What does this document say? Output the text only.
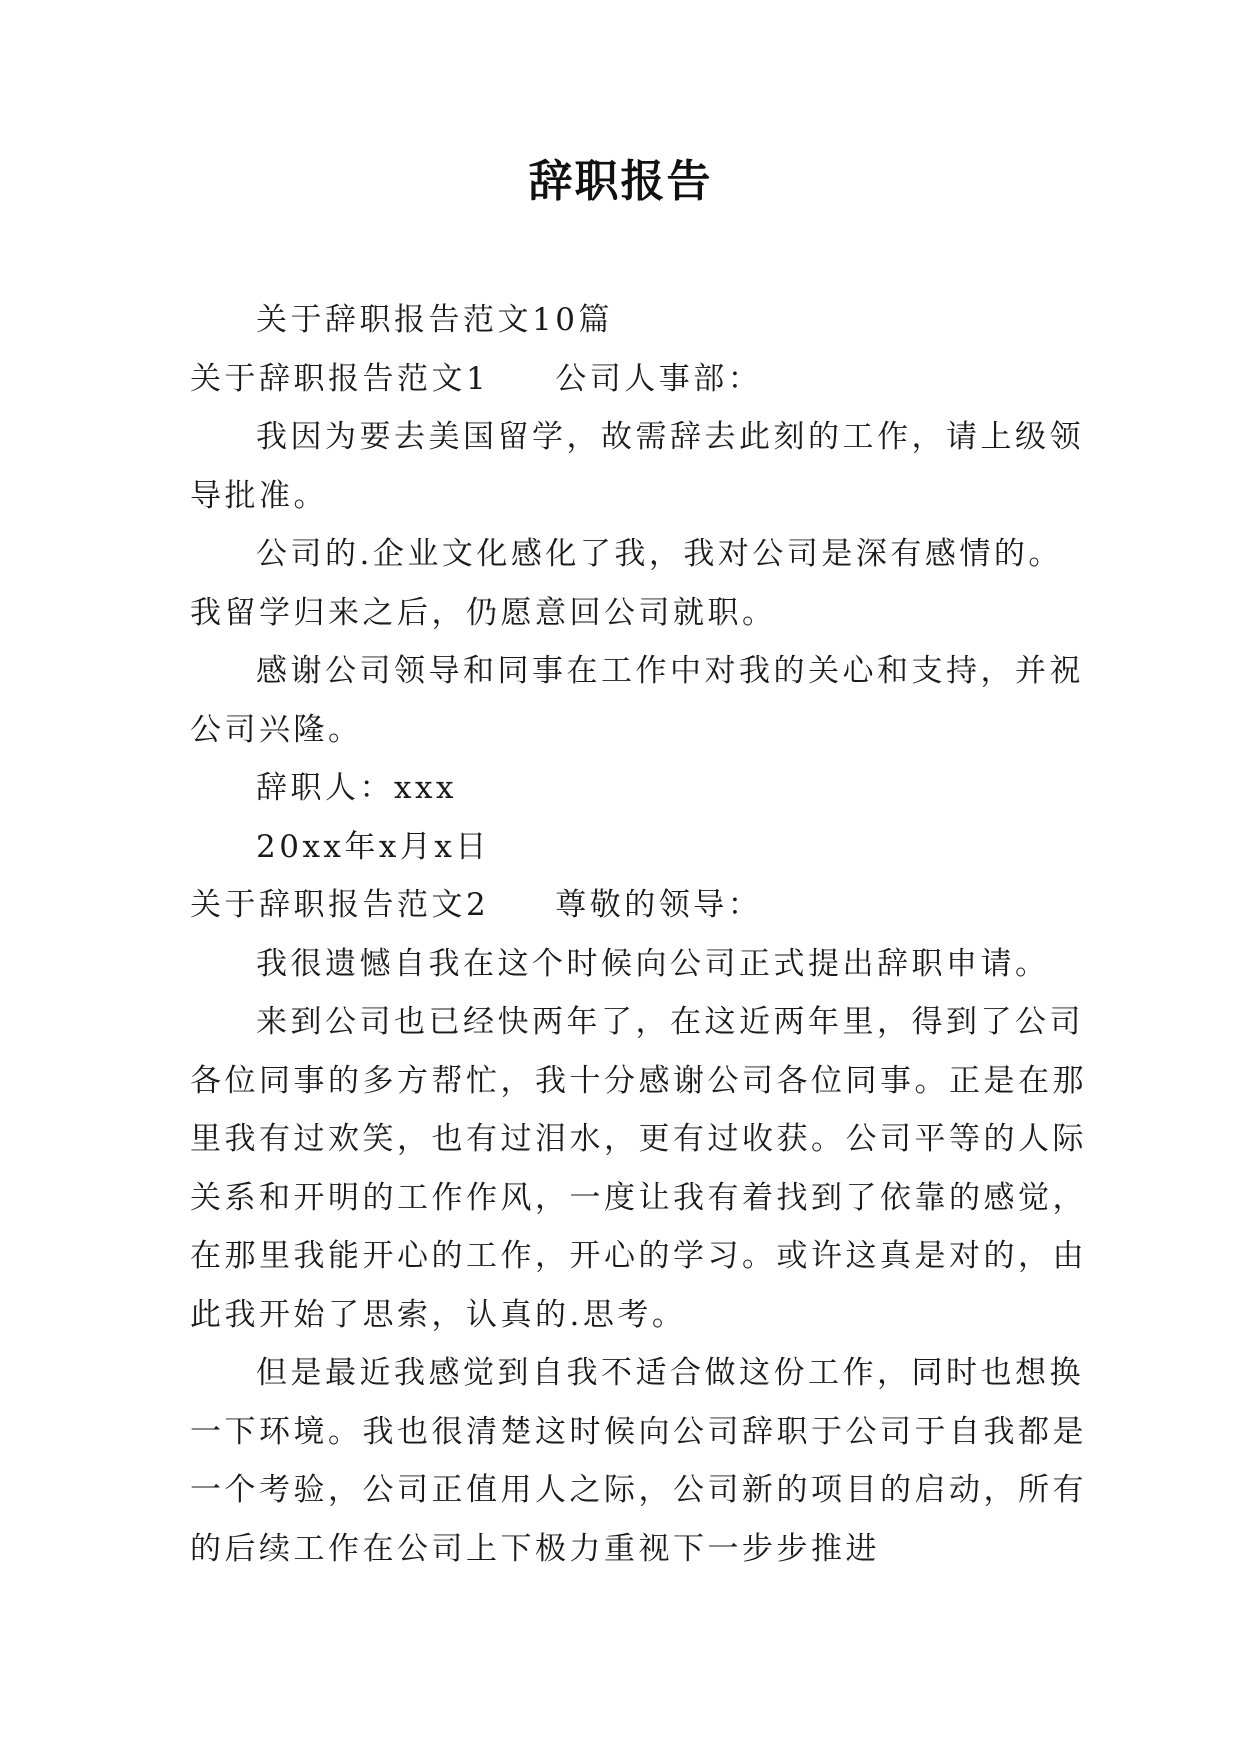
辞职报告
关于辞职报告范文10篇
关于辞职报告范文1 公司人事部：
我因为要去美国留学，故需辞去此刻的工作，请上级领
导批准。
公司的.企业文化感化了我，我对公司是深有感情的。
我留学归来之后，仍愿意回公司就职。
感谢公司领导和同事在工作中对我的关心和支持，并祝
公司兴隆。
辞职人：xxx
20xx年x月x日
关于辞职报告范文2 尊敬的领导：
我很遗憾自我在这个时候向公司正式提出辞职申请。
来到公司也已经快两年了，在这近两年里，得到了公司
各位同事的多方帮忙，我十分感谢公司各位同事。正是在那
里我有过欢笑，也有过泪水，更有过收获。公司平等的人际
关系和开明的工作作风，一度让我有着找到了依靠的感觉，
在那里我能开心的工作，开心的学习。或许这真是对的，由
此我开始了思索，认真的.思考。
但是最近我感觉到自我不适合做这份工作，同时也想换
一下环境。我也很清楚这时候向公司辞职于公司于自我都是
一个考验，公司正值用人之际，公司新的项目的启动，所有
的后续工作在公司上下极力重视下一步步推进
